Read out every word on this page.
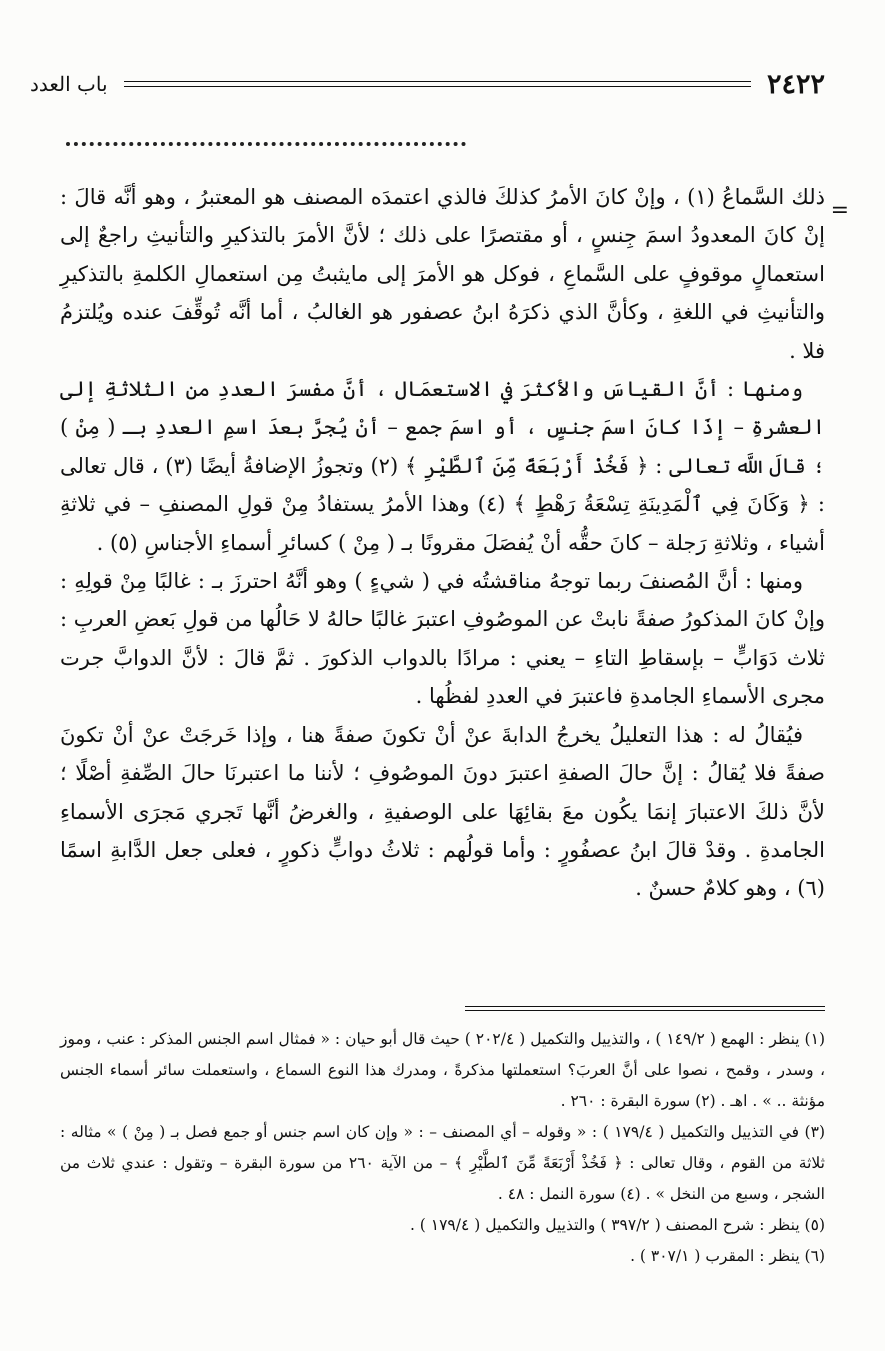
٢٤٢٢
باب العدد
=

ذلك السَّماعُ (١) ، وإنْ كانَ الأمرُ كذلكَ فالذي اعتمدَه المصنف هو المعتبرُ ، وهو أنَّه قالَ : إنْ كانَ المعدودُ اسمَ جِنسٍ ، أو مقتصرًا على ذلك ؛ لأنَّ الأمرَ بالتذكيرِ والتأنيثِ راجعٌ إلى استعمالٍ موقوفٍ على السَّماعِ ، فوكل هو الأمرَ إلى مايثبتُ مِن استعمالِ الكلمةِ بالتذكيرِ والتأنيثِ في اللغةِ ، وكأنَّ الذي ذكرَهُ ابنُ عصفور هو الغالبُ ، أما أنَّه تُوقِّفَ عنده ويُلتزمُ فلا .

ومنها : أنَّ القياسَ والأكثرَ في الاستعمَال ، أنَّ مفسرَ العددِ من الثلاثةِ إلى العشرةِ – إذَا كانَ اسمَ جنسٍ ، أو اسمَ جمع – أنْ يُجرَّ بعدَ اسمِ العددِ بـ ( مِنْ ) ؛ قالَ اللَّه تعالى : ﴿ فَخُذْ أَرْبَعَةً مِّنَ ٱلطَّيْرِ ﴾ (٢) وتجوزُ الإضافةُ أيضًا (٣) ، قال تعالى : ﴿ وَكَانَ فِي ٱلْمَدِينَةِ تِسْعَةُ رَهْطٍ ﴾ (٤) وهذا الأمرُ يستفادُ مِنْ قولِ المصنفِ – في ثلاثةِ أشياء ، وثلاثةِ رَجلة – كانَ حقُّه أنْ يُفصَلَ مقرونًا بـ ( مِنْ ) كسائرِ أسماءِ الأجناسِ (٥) .

ومنها : أنَّ المُصنفَ ربما توجهُ مناقشتُه في ( شيءٍ ) وهو أنَّهُ احترزَ بـ : غالبًا مِنْ قولِهِ : وإنْ كانَ المذكورُ صفةً نابتْ عن الموصُوفِ اعتبرَ غالبًا حالهُ لا حَالُها من قولِ بَعضِ العربِ : ثلاث دَوَابٍّ – بإسقاطِ التاءِ – يعني : مرادًا بالدواب الذكورَ . ثمَّ قالَ : لأنَّ الدوابَّ جرت مجرى الأسماءِ الجامدةِ فاعتبرَ في العددِ لفظُها .

فيُقالُ له : هذا التعليلُ يخرجُ الدابةَ عنْ أنْ تكونَ صفةً هنا ، وإذا خَرجَتْ عنْ أنْ تكونَ صفةً فلا يُقالُ : إنَّ حالَ الصفةِ اعتبرَ دونَ الموصُوفِ ؛ لأننا ما اعتبرنَا حالَ الصِّفةِ أصْلًا ؛ لأنَّ ذلكَ الاعتبارَ إنمَا يكُون معَ بقائِهَا على الوصفيةِ ، والغرضُ أنَّها تَجري مَجرَى الأسماءِ الجامدةِ . وقدْ قالَ ابنُ عصفُورٍ : وأما قولُهم : ثلاثُ دوابٍّ ذكورٍ ، فعلى جعل الدَّابةِ اسمًا (٦) ، وهو كلامٌ حسنٌ .

(١) ينظر : الهمع ( ١٤٩/٢ ) ، والتذييل والتكميل ( ٢٠٢/٤ ) حيث قال أبو حيان : « فمثال اسم الجنس المذكر : عنب ، وموز ، وسدر ، وقمح ، نصوا على أنَّ العربَ؟ استعملتها مذكرةً ، ومدرك هذا النوع السماع ، واستعملت سائر أسماء الجنس مؤنثة .. » . اهـ . (٢) سورة البقرة : ٢٦٠ .

(٣) في التذييل والتكميل ( ١٧٩/٤ ) : « وقوله – أي المصنف – : « وإن كان اسم جنس أو جمع فصل بـ ( مِنْ ) » مثاله : ثلاثة من القوم ، وقال تعالى : ﴿ فَخُذْ أَرْبَعَةً مِّنَ ٱلطَّيْرِ ﴾ – من الآية ٢٦٠ من سورة البقرة – وتقول : عندي ثلاث من الشجر ، وسبع من النخل » . (٤) سورة النمل : ٤٨ .

(٥) ينظر : شرح المصنف ( ٣٩٧/٢ ) والتذييل والتكميل ( ١٧٩/٤ ) .

(٦) ينظر : المقرب ( ٣٠٧/١ ) .
